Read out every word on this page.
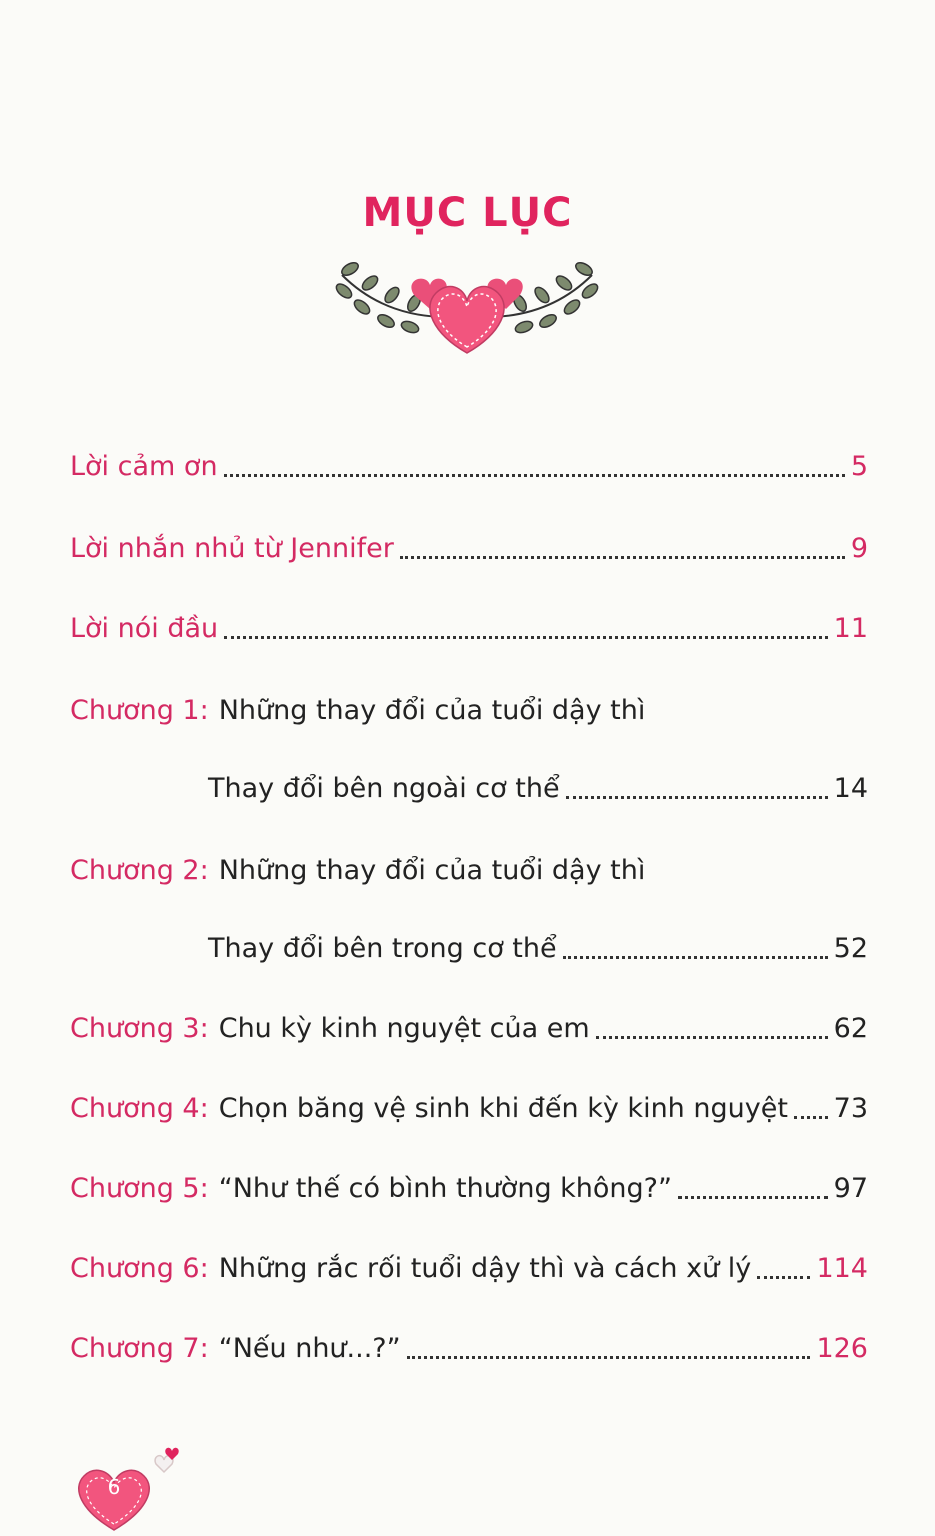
MỤC LỤC
Lời cảm ơn	5
Lời nhắn nhủ từ Jennifer	9
Lời nói đầu	11
Chương 1: Những thay đổi của tuổi dậy thì
Thay đổi bên ngoài cơ thể	14
Chương 2: Những thay đổi của tuổi dậy thì
Thay đổi bên trong cơ thể	52
Chương 3: Chu kỳ kinh nguyệt của em	62
Chương 4: Chọn băng vệ sinh khi đến kỳ kinh nguyệt 73
Chương 5: “Như thế có bình thường không?”	97
Chương 6: Những rắc rối tuổi dậy thì và cách xử lý 114
Chương 7: “Nếu như...?”	126
6
